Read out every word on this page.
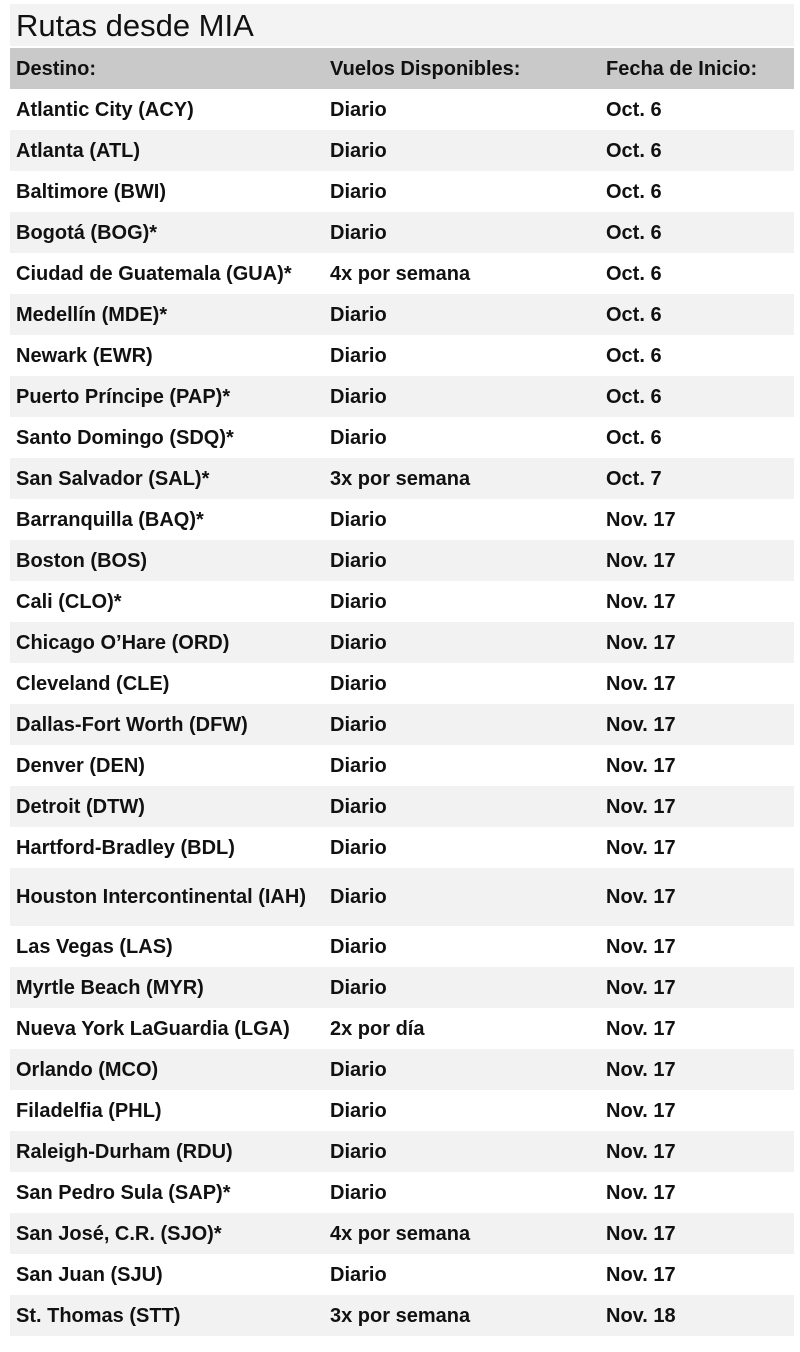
Rutas desde MIA
Destino:	Vuelos Disponibles:	Fecha de Inicio:
Atlantic City (ACY)	Diario	Oct. 6
Atlanta (ATL)	Diario	Oct. 6
Baltimore (BWI)	Diario	Oct. 6
Bogotá (BOG)*	Diario	Oct. 6
Ciudad de Guatemala (GUA)*	4x por semana	Oct. 6
Medellín (MDE)*	Diario	Oct. 6
Newark (EWR)	Diario	Oct. 6
Puerto Príncipe (PAP)*	Diario	Oct. 6
Santo Domingo (SDQ)*	Diario	Oct. 6
San Salvador (SAL)*	3x por semana	Oct. 7
Barranquilla (BAQ)*	Diario	Nov. 17
Boston (BOS)	Diario	Nov. 17
Cali (CLO)*	Diario	Nov. 17
Chicago O’Hare (ORD)	Diario	Nov. 17
Cleveland (CLE)	Diario	Nov. 17
Dallas-Fort Worth (DFW)	Diario	Nov. 17
Denver (DEN)	Diario	Nov. 17
Detroit (DTW)	Diario	Nov. 17
Hartford-Bradley (BDL)	Diario	Nov. 17
Houston Intercontinental (IAH)	Diario	Nov. 17
Las Vegas (LAS)	Diario	Nov. 17
Myrtle Beach (MYR)	Diario	Nov. 17
Nueva York LaGuardia (LGA)	2x por día	Nov. 17
Orlando (MCO)	Diario	Nov. 17
Filadelfia (PHL)	Diario	Nov. 17
Raleigh-Durham (RDU)	Diario	Nov. 17
San Pedro Sula (SAP)*	Diario	Nov. 17
San José, C.R. (SJO)*	4x por semana	Nov. 17
San Juan (SJU)	Diario	Nov. 17
St. Thomas (STT)	3x por semana	Nov. 18
